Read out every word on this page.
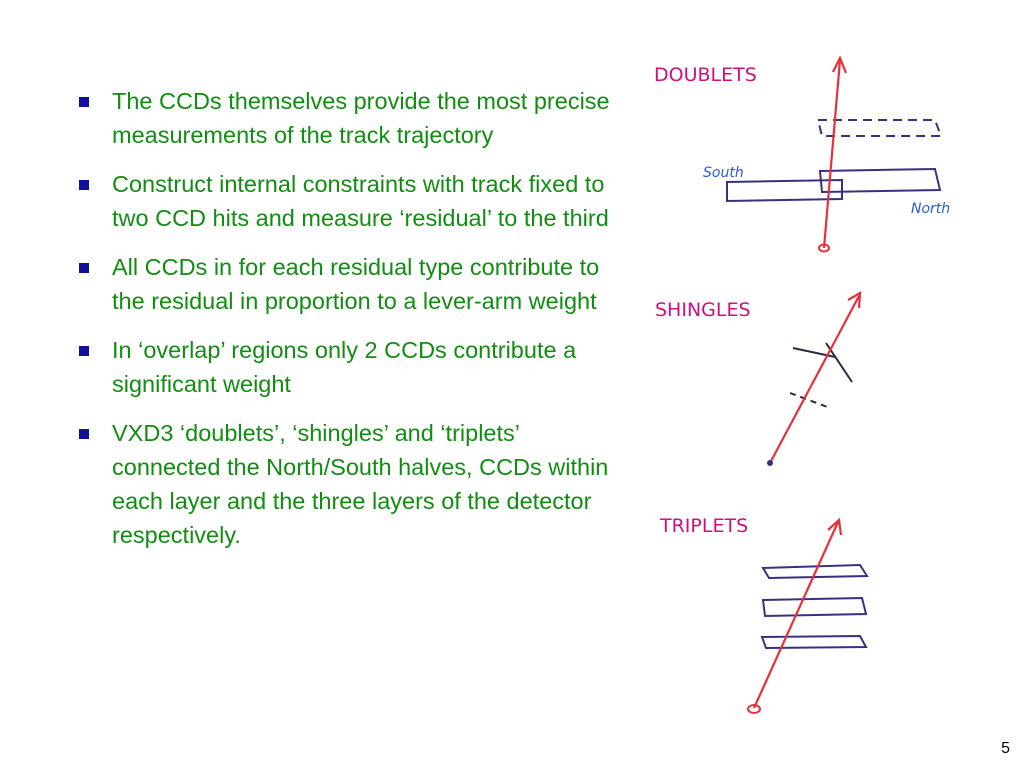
The CCDs themselves provide the most precise measurements of the track trajectory
Construct internal constraints with track fixed to two CCD hits and measure ‘residual’ to the third
All CCDs in for each residual type contribute to the residual in proportion to a lever-arm weight
In ‘overlap’ regions only 2 CCDs contribute a significant weight
VXD3 ‘doublets’, ‘shingles’ and ‘triplets’ connected the North/South halves, CCDs within each layer and the three layers of the detector respectively.
DOUBLETS
South
North
SHINGLES
TRIPLETS
5
